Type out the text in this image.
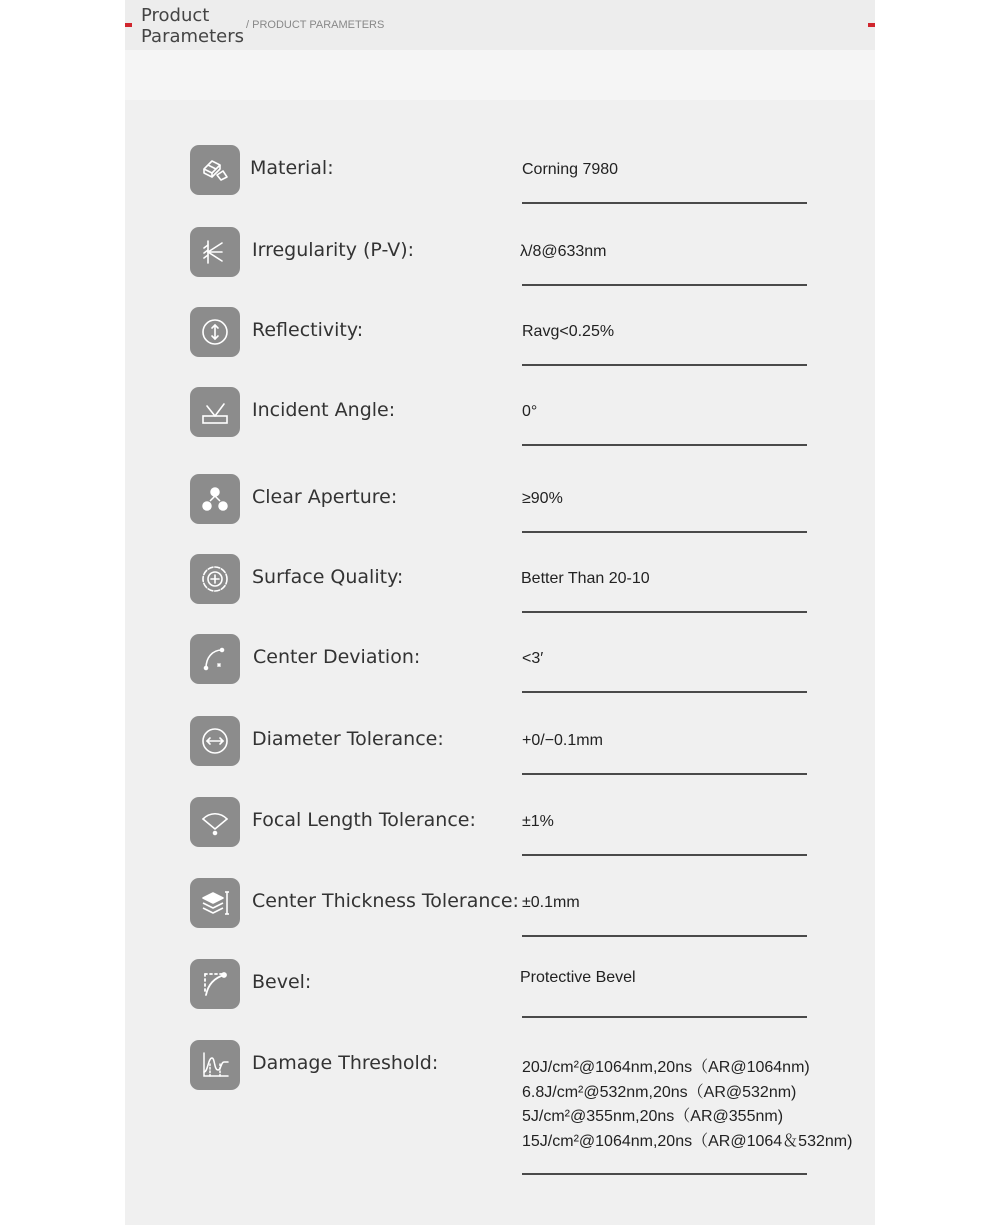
Product
Parameters
/ PRODUCT PARAMETERS
Material:	Corning 7980
Irregularity (P-V):	λ/8@633nm
Reflectivity:	Ravg<0.25%
Incident Angle:	0°
Clear Aperture:	≥90%
Surface Quality:	Better Than 20-10
Center Deviation:	<3′
Diameter Tolerance:	+0/−0.1mm
Focal Length Tolerance:	±1%
Center Thickness Tolerance: ±0.1mm
Bevel:	Protective Bevel
Damage Threshold:	20J/cm²@1064nm,20ns（AR@1064nm)
6.8J/cm²@532nm,20ns（AR@532nm)
5J/cm²@355nm,20ns（AR@355nm)
15J/cm²@1064nm,20ns（AR@1064＆532nm)
